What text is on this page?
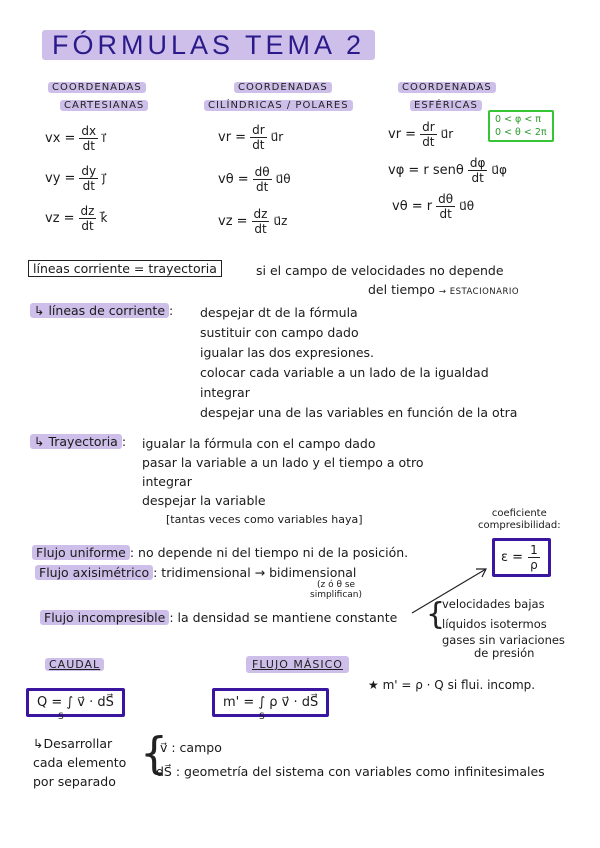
FÓRMULAS TEMA 2
COORDENADAS
CARTESIANAS
vx = $\frac{dx}{dt}$ i⃗
vy = $\frac{dy}{dt}$ j⃗
vz = $\frac{dz}{dt}$ k⃗
COORDENADAS
CILÍNDRICAS / POLARES
vr = $\frac{dr}{dt}$ u⃗r
$v\theta = \frac{d\theta}{dt}$ u⃗θ
vz = $\frac{dz}{dt}$ u⃗z
COORDENADAS
ESFÉRICAS
vr = $\frac{dr}{dt}$ u⃗r
vφ = r senθ $\frac{d\varphi}{dt}$ u⃗φ
vθ = r $\frac{d\theta}{dt}$ u⃗θ
0 < φ < π
0 < θ < 2π
líneas corriente = trayectoria	si el campo de velocidades no depende
del tiempo → ESTACIONARIO
↳ líneas de corriente : despejar dt de la fórmula
sustituir con campo dado
igualar las dos expresiones.
colocar cada variable a un lado de la igualdad
integrar
despejar una de las variables en función de la otra
↳ Trayectoria : igualar la fórmula con el campo dado
pasar la variable a un lado y el tiempo a otro
integrar
despejar la variable
[tantas veces como variables haya]	coeficiente
compresibilidad:
$\varepsilon = \frac{1}{\rho}$
Flujo uniforme : no depende ni del tiempo ni de la posición.
Flujo axisimétrico : tridimensional → bidimensional
(z ó θ se
simplifican)
Flujo incompresible : la densidad se mantiene constante {
velocidades bajas
líquidos isotermos
gases sin variaciones
de presión
CAUDAL	FLUJO MÁSICO
★ m' = ρ · Q si flui. incomp.
Q = ∫ v⃗ · dS⃗
S
m' = ∫ ρ v⃗ · dS⃗
S
↳Desarrollar
cada elemento
por separado
{
v⃗ : campo
dS⃗ : geometría del sistema con variables como infinitesimales
